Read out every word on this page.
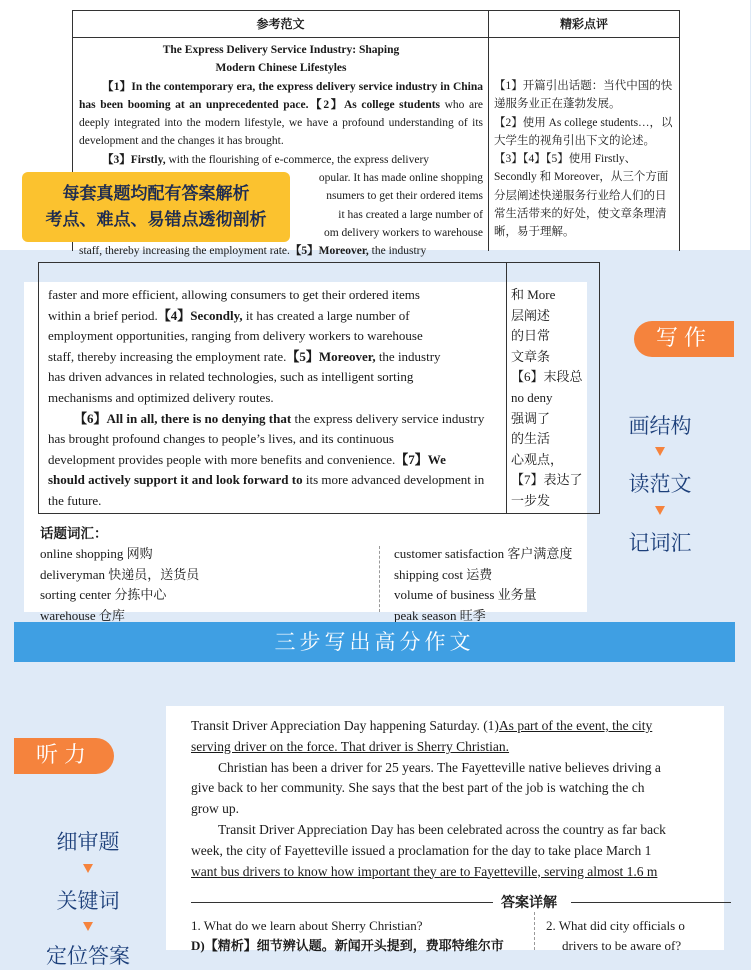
参考范文	精彩点评
The Express Delivery Service Industry: Shaping
Modern Chinese Lifestyles

【1】In the contemporary era, the express delivery service industry in China has been booming at an unprecedented pace.【2】As college students who are deeply integrated into the modern lifestyle, we have a profound understanding of its development and the changes it has brought.

【3】Firstly, with the flourishing of e-commerce, the express delivery

opular. It has made online shopping
nsumers to get their ordered items
it has created a large number of
om delivery workers to warehouse
staff, thereby increasing the employment rate.【5】Moreover, the industry
【1】开篇引出话题：当代中国的快递服务业正在蓬勃发展。
【2】使用 As college students…，以大学生的视角引出下文的论述。
【3】【4】【5】使用 Firstly、Secondly 和 Moreover，从三个方面分层阐述快递服务行业给人们的日常生活带来的好处，使文章条理清晰，易于理解。
每套真题均配有答案解析
考点、难点、易错点透彻剖析
faster and more efficient, allowing consumers to get their ordered items
within a brief period.【4】Secondly, it has created a large number of
employment opportunities, ranging from delivery workers to warehouse
staff, thereby increasing the employment rate.【5】Moreover, the industry
has driven advances in related technologies, such as intelligent sorting
mechanisms and optimized delivery routes.
【6】All in all, there is no denying that the express delivery service industry
has brought profound changes to people’s lives, and its continuous
development provides people with more benefits and convenience.【7】We
should actively support it and look forward to its more advanced development in
the future.
和 More
层阐述
的日常
文章条
【6】末段总
no deny
强调了
的生活
心观点，
【7】表达了
一步发
话题词汇：
online shopping 网购
deliveryman 快递员，送货员
sorting center 分拣中心
warehouse 仓库
customer satisfaction 客户满意度
shipping cost 运费
volume of business 业务量
peak season 旺季
写作
画结构
读范文
记词汇
三步写出高分作文
Transit Driver Appreciation Day happening Saturday. (1)As part of the event, the city
serving driver on the force. That driver is Sherry Christian.
Christian has been a driver for 25 years. The Fayetteville native believes driving a
give back to her community. She says that the best part of the job is watching the ch
grow up.
Transit Driver Appreciation Day has been celebrated across the country as far back
week, the city of Fayetteville issued a proclamation for the day to take place March 1
want bus drivers to know how important they are to Fayetteville, serving almost 1.6 m
答案详解
1. What do we learn about Sherry Christian?
D)【精析】细节辨认题。新闻开头提到，费耶特维尔市
2. What did city officials o
drivers to be aware of?
听力
细审题
关键词
定位答案
